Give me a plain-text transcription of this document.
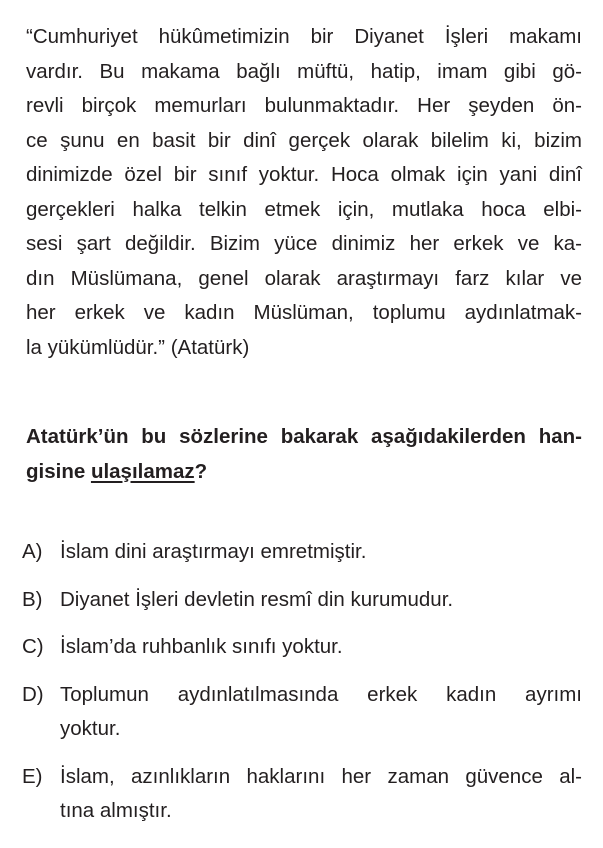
“Cumhuriyet hükûmetimizin bir Diyanet İşleri makamı
vardır. Bu makama bağlı müftü, hatip, imam gibi gö-
revli birçok memurları bulunmaktadır. Her şeyden ön-
ce şunu en basit bir dinî gerçek olarak bilelim ki, bizim
dinimizde özel bir sınıf yoktur. Hoca olmak için yani dinî
gerçekleri halka telkin etmek için, mutlaka hoca elbi-
sesi şart değildir. Bizim yüce dinimiz her erkek ve ka-
dın Müslümana, genel olarak araştırmayı farz kılar ve
her erkek ve kadın Müslüman, toplumu aydınlatmak-
la yükümlüdür.” (Atatürk)
Atatürk’ün bu sözlerine bakarak aşağıdakilerden han-
gisine ulaşılamaz?
A) İslam dini araştırmayı emretmiştir.
B) Diyanet İşleri devletin resmî din kurumudur.
C) İslam’da ruhbanlık sınıfı yoktur.
D) Toplumun aydınlatılmasında erkek kadın ayrımı
yoktur.
E) İslam, azınlıkların haklarını her zaman güvence al-
tına almıştır.
